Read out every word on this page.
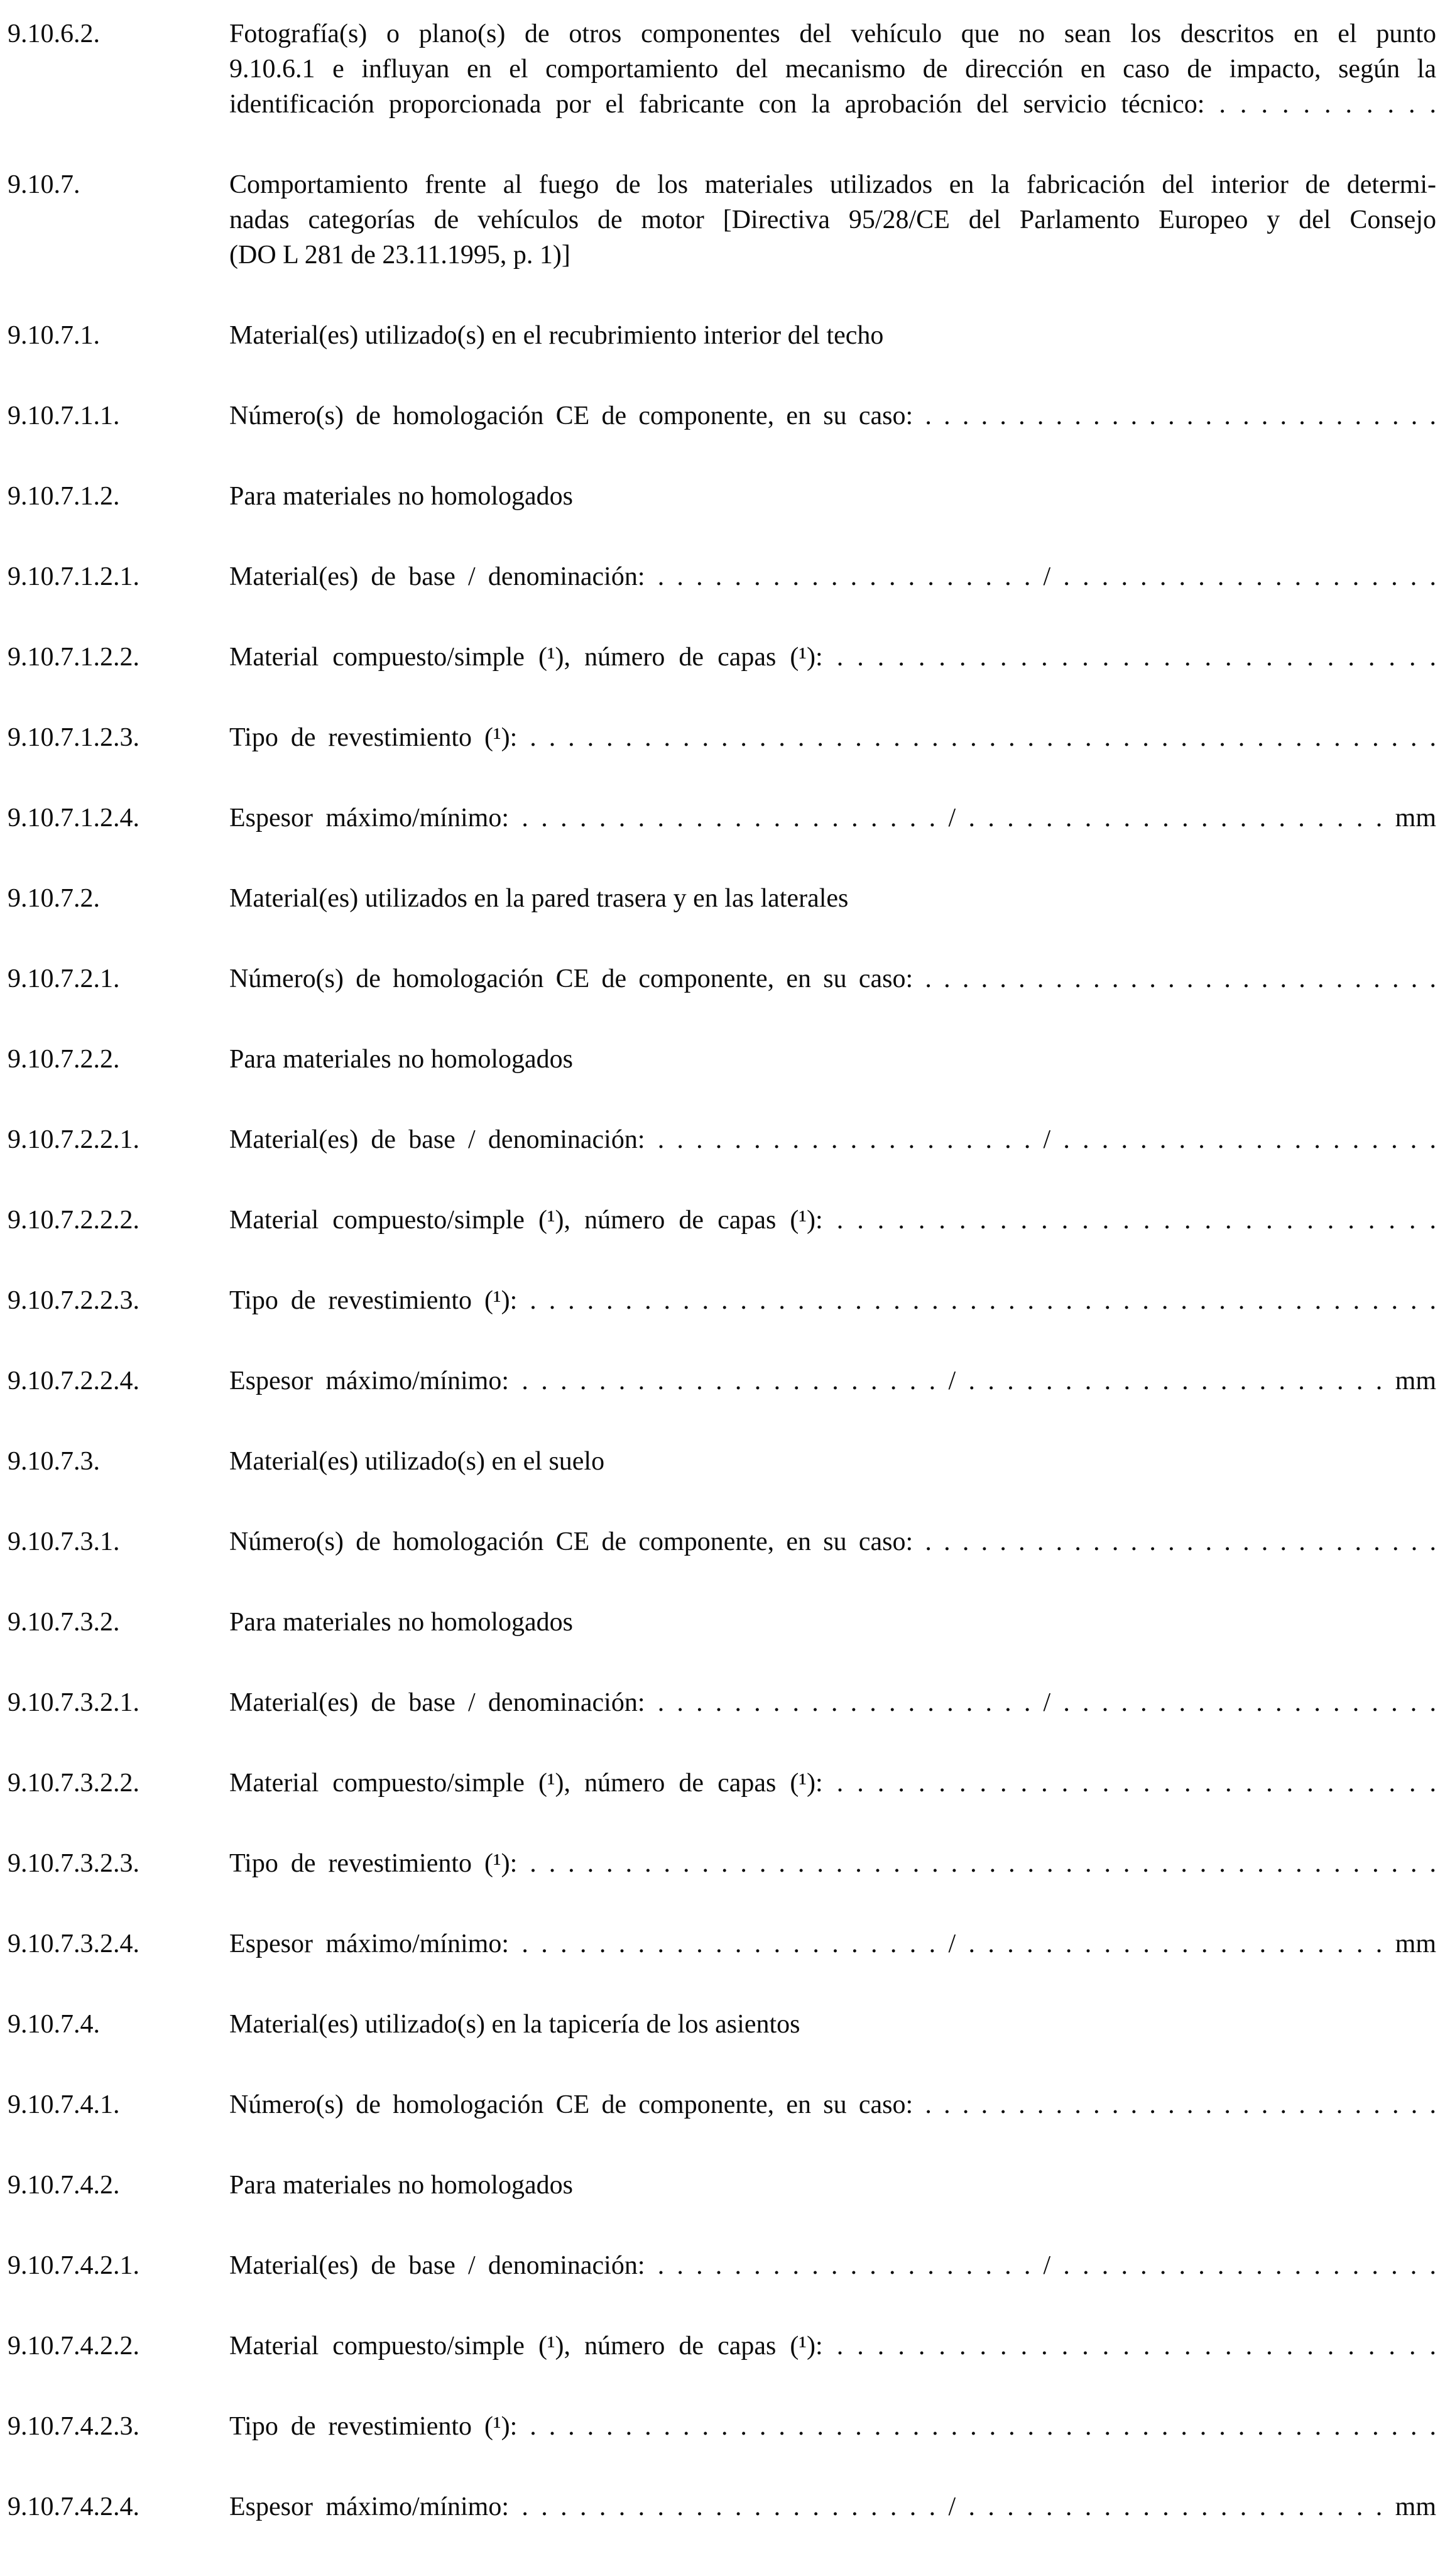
9.10.6.2.	Fotografía(s) o plano(s) de otros componentes del vehículo que no sean los descritos en el punto
9.10.6.1 e influyan en el comportamiento del mecanismo de dirección en caso de impacto, según la
identificación proporcionada por el fabricante con la aprobación del servicio técnico: . . . . . . . . . . .
9.10.7.	Comportamiento frente al fuego de los materiales utilizados en la fabricación del interior de determi-
nadas categorías de vehículos de motor [Directiva 95/28/CE del Parlamento Europeo y del Consejo
(DO L 281 de 23.11.1995, p. 1)]
9.10.7.1.	Material(es) utilizado(s) en el recubrimiento interior del techo
9.10.7.1.1.	Número(s) de homologación CE de componente, en su caso: . . . . . . . . . . . . . . . . . . . . . . . . . . . .
9.10.7.1.2.	Para materiales no homologados
9.10.7.1.2.1.	Material(es) de base / denominación: . . . . . . . . . . . . . . . . . . . . / . . . . . . . . . . . . . . . . . . . .
9.10.7.1.2.2.	Material compuesto/simple (¹), número de capas (¹): . . . . . . . . . . . . . . . . . . . . . . . . . . . . . .
9.10.7.1.2.3.	Tipo de revestimiento (¹): . . . . . . . . . . . . . . . . . . . . . . . . . . . . . . . . . . . . . . . . . . . . . . . .
9.10.7.1.2.4.	Espesor máximo/mínimo: . . . . . . . . . . . . . . . . . . . . . . / . . . . . . . . . . . . . . . . . . . . . . mm
9.10.7.2.	Material(es) utilizados en la pared trasera y en las laterales
9.10.7.2.1.	Número(s) de homologación CE de componente, en su caso: . . . . . . . . . . . . . . . . . . . . . . . . . . . .
9.10.7.2.2.	Para materiales no homologados
9.10.7.2.2.1.	Material(es) de base / denominación: . . . . . . . . . . . . . . . . . . . . / . . . . . . . . . . . . . . . . . . . .
9.10.7.2.2.2.	Material compuesto/simple (¹), número de capas (¹): . . . . . . . . . . . . . . . . . . . . . . . . . . . . . .
9.10.7.2.2.3.	Tipo de revestimiento (¹): . . . . . . . . . . . . . . . . . . . . . . . . . . . . . . . . . . . . . . . . . . . . . . . .
9.10.7.2.2.4.	Espesor máximo/mínimo: . . . . . . . . . . . . . . . . . . . . . . / . . . . . . . . . . . . . . . . . . . . . . mm
9.10.7.3.	Material(es) utilizado(s) en el suelo
9.10.7.3.1.	Número(s) de homologación CE de componente, en su caso: . . . . . . . . . . . . . . . . . . . . . . . . . . . .
9.10.7.3.2.	Para materiales no homologados
9.10.7.3.2.1.	Material(es) de base / denominación: . . . . . . . . . . . . . . . . . . . . / . . . . . . . . . . . . . . . . . . . .
9.10.7.3.2.2.	Material compuesto/simple (¹), número de capas (¹): . . . . . . . . . . . . . . . . . . . . . . . . . . . . . .
9.10.7.3.2.3.	Tipo de revestimiento (¹): . . . . . . . . . . . . . . . . . . . . . . . . . . . . . . . . . . . . . . . . . . . . . . . .
9.10.7.3.2.4.	Espesor máximo/mínimo: . . . . . . . . . . . . . . . . . . . . . . / . . . . . . . . . . . . . . . . . . . . . . mm
9.10.7.4.	Material(es) utilizado(s) en la tapicería de los asientos
9.10.7.4.1.	Número(s) de homologación CE de componente, en su caso: . . . . . . . . . . . . . . . . . . . . . . . . . . . .
9.10.7.4.2.	Para materiales no homologados
9.10.7.4.2.1.	Material(es) de base / denominación: . . . . . . . . . . . . . . . . . . . . / . . . . . . . . . . . . . . . . . . . .
9.10.7.4.2.2.	Material compuesto/simple (¹), número de capas (¹): . . . . . . . . . . . . . . . . . . . . . . . . . . . . . .
9.10.7.4.2.3.	Tipo de revestimiento (¹): . . . . . . . . . . . . . . . . . . . . . . . . . . . . . . . . . . . . . . . . . . . . . . . .
9.10.7.4.2.4.	Espesor máximo/mínimo: . . . . . . . . . . . . . . . . . . . . . . / . . . . . . . . . . . . . . . . . . . . . . mm
